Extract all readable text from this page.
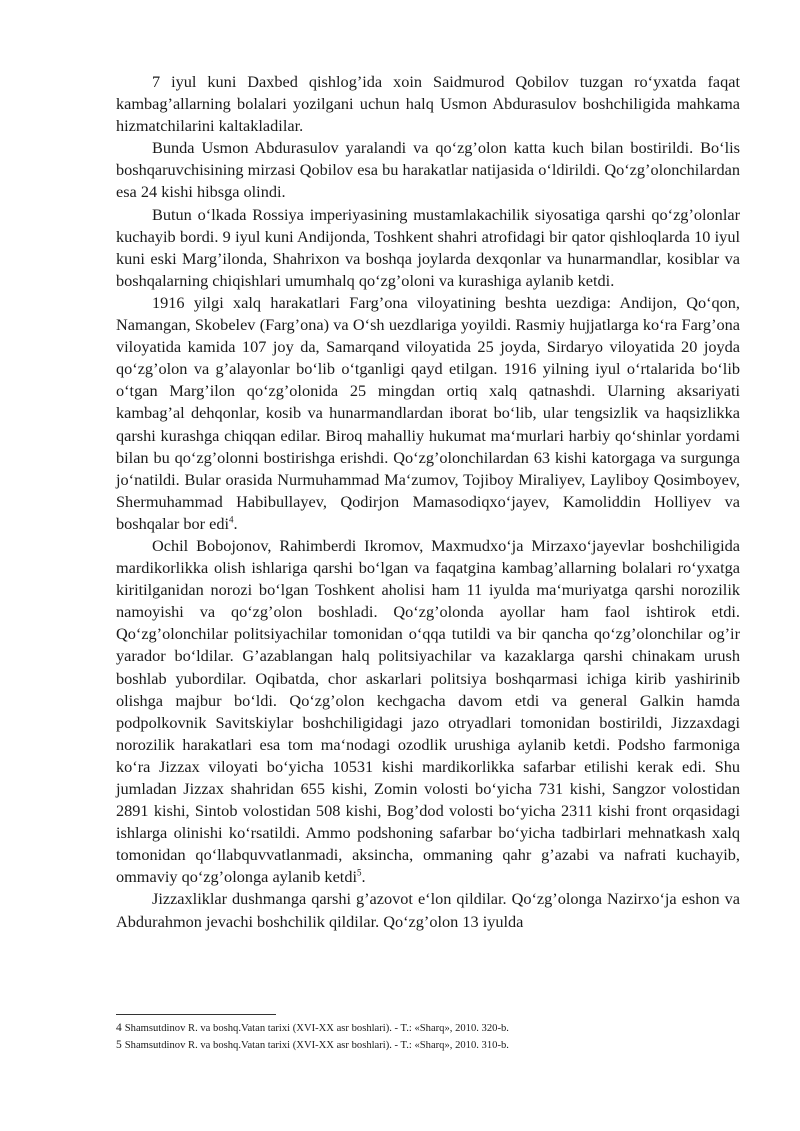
7 iyul kuni Daxbed qishlog’ida xoin Saidmurod Qobilov tuzgan ro‘yxatda faqat kambag’allarning bolalari yozilgani uchun halq Usmon Abdurasulov boshchiligida mahkama hizmatchilarini kaltakladilar.

Bunda Usmon Abdurasulov yaralandi va qo‘zg’olon katta kuch bilan bostirildi. Bo‘lis boshqaruvchisining mirzasi Qobilov esa bu harakatlar natijasida o‘ldirildi. Qo‘zg’olonchilardan esa 24 kishi hibsga olindi.

Butun o‘lkada Rossiya imperiyasining mustamlakachilik siyosatiga qarshi qo‘zg’olonlar kuchayib bordi. 9 iyul kuni Andijonda, Toshkent shahri atrofidagi bir qator qishloqlarda 10 iyul kuni eski Marg’ilonda, Shahrixon va boshqa joylarda dexqonlar va hunarmandlar, kosiblar va boshqalarning chiqishlari umumhalq qo‘zg’oloni va kurashiga aylanib ketdi.

1916 yilgi xalq harakatlari Farg’ona viloyatining beshta uezdiga: Andijon, Qo‘qon, Namangan, Skobelev (Farg’ona) va O‘sh uezdlariga yoyildi. Rasmiy hujjatlarga ko‘ra Farg’ona viloyatida kamida 107 joy da, Samarqand viloyatida 25 joyda, Sirdaryo viloyatida 20 joyda qo‘zg’olon va g’alayonlar bo‘lib o‘tganligi qayd etilgan. 1916 yilning iyul o‘rtalarida bo‘lib o‘tgan Marg’ilon qo‘zg’olonida 25 mingdan ortiq xalq qatnashdi. Ularning aksariyati kambag’al dehqonlar, kosib va hunarmandlardan iborat bo‘lib, ular tengsizlik va haqsizlikka qarshi kurashga chiqqan edilar. Biroq mahalliy hukumat ma‘murlari harbiy qo‘shinlar yordami bilan bu qo‘zg’olonni bostirishga erishdi. Qo‘zg’olonchilardan 63 kishi katorgaga va surgunga jo‘natildi. Bular orasida Nurmuhammad Ma‘zumov, Tojiboy Miraliyev, Layliboy Qosimboyev, Shermuhammad Habibullayev, Qodirjon Mamasodiqxo‘jayev, Kamoliddin Holliyev va boshqalar bor edi$^4$.

Ochil Bobojonov, Rahimberdi Ikromov, Maxmudxo‘ja Mirzaxo‘jayevlar boshchiligida mardikorlikka olish ishlariga qarshi bo‘lgan va faqatgina kambag’allarning bolalari ro‘yxatga kiritilganidan norozi bo‘lgan Toshkent aholisi ham 11 iyulda ma‘muriyatga qarshi norozilik namoyishi va qo‘zg’olon boshladi. Qo‘zg’olonda ayollar ham faol ishtirok etdi. Qo‘zg’olonchilar politsiyachilar tomonidan o‘qqa tutildi va bir qancha qo‘zg’olonchilar og’ir yarador bo‘ldilar. G’azablangan halq politsiyachilar va kazaklarga qarshi chinakam urush boshlab yubordilar. Oqibatda, chor askarlari politsiya boshqarmasi ichiga kirib yashirinib olishga majbur bo‘ldi. Qo‘zg’olon kechgacha davom etdi va general Galkin hamda podpolkovnik Savitskiylar boshchiligidagi jazo otryadlari tomonidan bostirildi, Jizzaxdagi norozilik harakatlari esa tom ma‘nodagi ozodlik urushiga aylanib ketdi. Podsho farmoniga ko‘ra Jizzax viloyati bo‘yicha 10531 kishi mardikorlikka safarbar etilishi kerak edi. Shu jumladan Jizzax shahridan 655 kishi, Zomin volosti bo‘yicha 731 kishi, Sangzor volostidan 2891 kishi, Sintob volostidan 508 kishi, Bog’dod volosti bo‘yicha 2311 kishi front orqasidagi ishlarga olinishi ko‘rsatildi. Ammo podshoning safarbar bo‘yicha tadbirlari mehnatkash xalq tomonidan qo‘llabquvvatlanmadi, aksincha, ommaning qahr g’azabi va nafrati kuchayib, ommaviy qo‘zg’olonga aylanib ketdi$^5$.

Jizzaxliklar dushmanga qarshi g’azovot e‘lon qildilar. Qo‘zg’olonga Nazirxo‘ja eshon va Abdurahmon jevachi boshchilik qildilar. Qo‘zg’olon 13 iyulda

4 Shamsutdinov R. va boshq.Vatan tarixi (XVI-XX asr boshlari). - T.: «Sharq», 2010. 320-b.

5 Shamsutdinov R. va boshq.Vatan tarixi (XVI-XX asr boshlari). - T.: «Sharq», 2010. 310-b.
